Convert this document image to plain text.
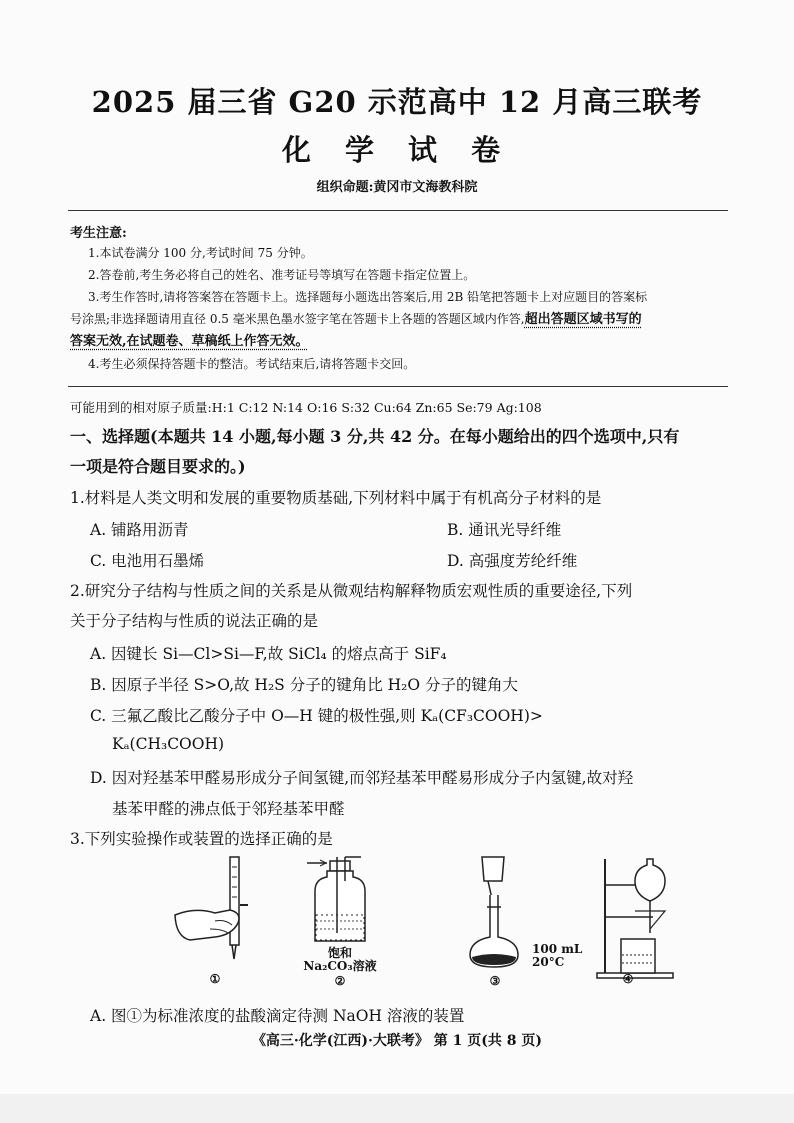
2025 届三省 G20 示范高中 12 月高三联考
化 学 试 卷
组织命题:黄冈市文海教科院
考生注意:
1.本试卷满分 100 分,考试时间 75 分钟。
2.答卷前,考生务必将自己的姓名、准考证号等填写在答题卡指定位置上。
3.考生作答时,请将答案答在答题卡上。选择题每小题选出答案后,用 2B 铅笔把答题卡上对应题目的答案标
号涂黑;非选择题请用直径 0.5 毫米黑色墨水签字笔在答题卡上各题的答题区域内作答,超出答题区域书写的
答案无效,在试题卷、草稿纸上作答无效。
4.考生必须保持答题卡的整洁。考试结束后,请将答题卡交回。
可能用到的相对原子质量:H:1 C:12 N:14 O:16 S:32 Cu:64 Zn:65 Se:79 Ag:108
一、选择题(本题共 14 小题,每小题 3 分,共 42 分。在每小题给出的四个选项中,只有
一项是符合题目要求的。)
1.材料是人类文明和发展的重要物质基础,下列材料中属于有机高分子材料的是
A. 铺路用沥青	B. 通讯光导纤维
C. 电池用石墨烯	D. 高强度芳纶纤维
2.研究分子结构与性质之间的关系是从微观结构解释物质宏观性质的重要途径,下列
关于分子结构与性质的说法正确的是
A. 因键长 Si—Cl>Si—F,故 SiCl₄ 的熔点高于 SiF₄
B. 因原子半径 S>O,故 H₂S 分子的键角比 H₂O 分子的键角大
C. 三氟乙酸比乙酸分子中 O—H 键的极性强,则 Kₐ(CF₃COOH)>
Kₐ(CH₃COOH)
D. 因对羟基苯甲醛易形成分子间氢键,而邻羟基苯甲醛易形成分子内氢键,故对羟
基苯甲醛的沸点低于邻羟基苯甲醛
3.下列实验操作或装置的选择正确的是
①
饱和
Na₂CO₃溶液
②
100 mL
20°C
③	④
A. 图①为标准浓度的盐酸滴定待测 NaOH 溶液的装置
《高三·化学(江西)·大联考》 第 1 页(共 8 页)
